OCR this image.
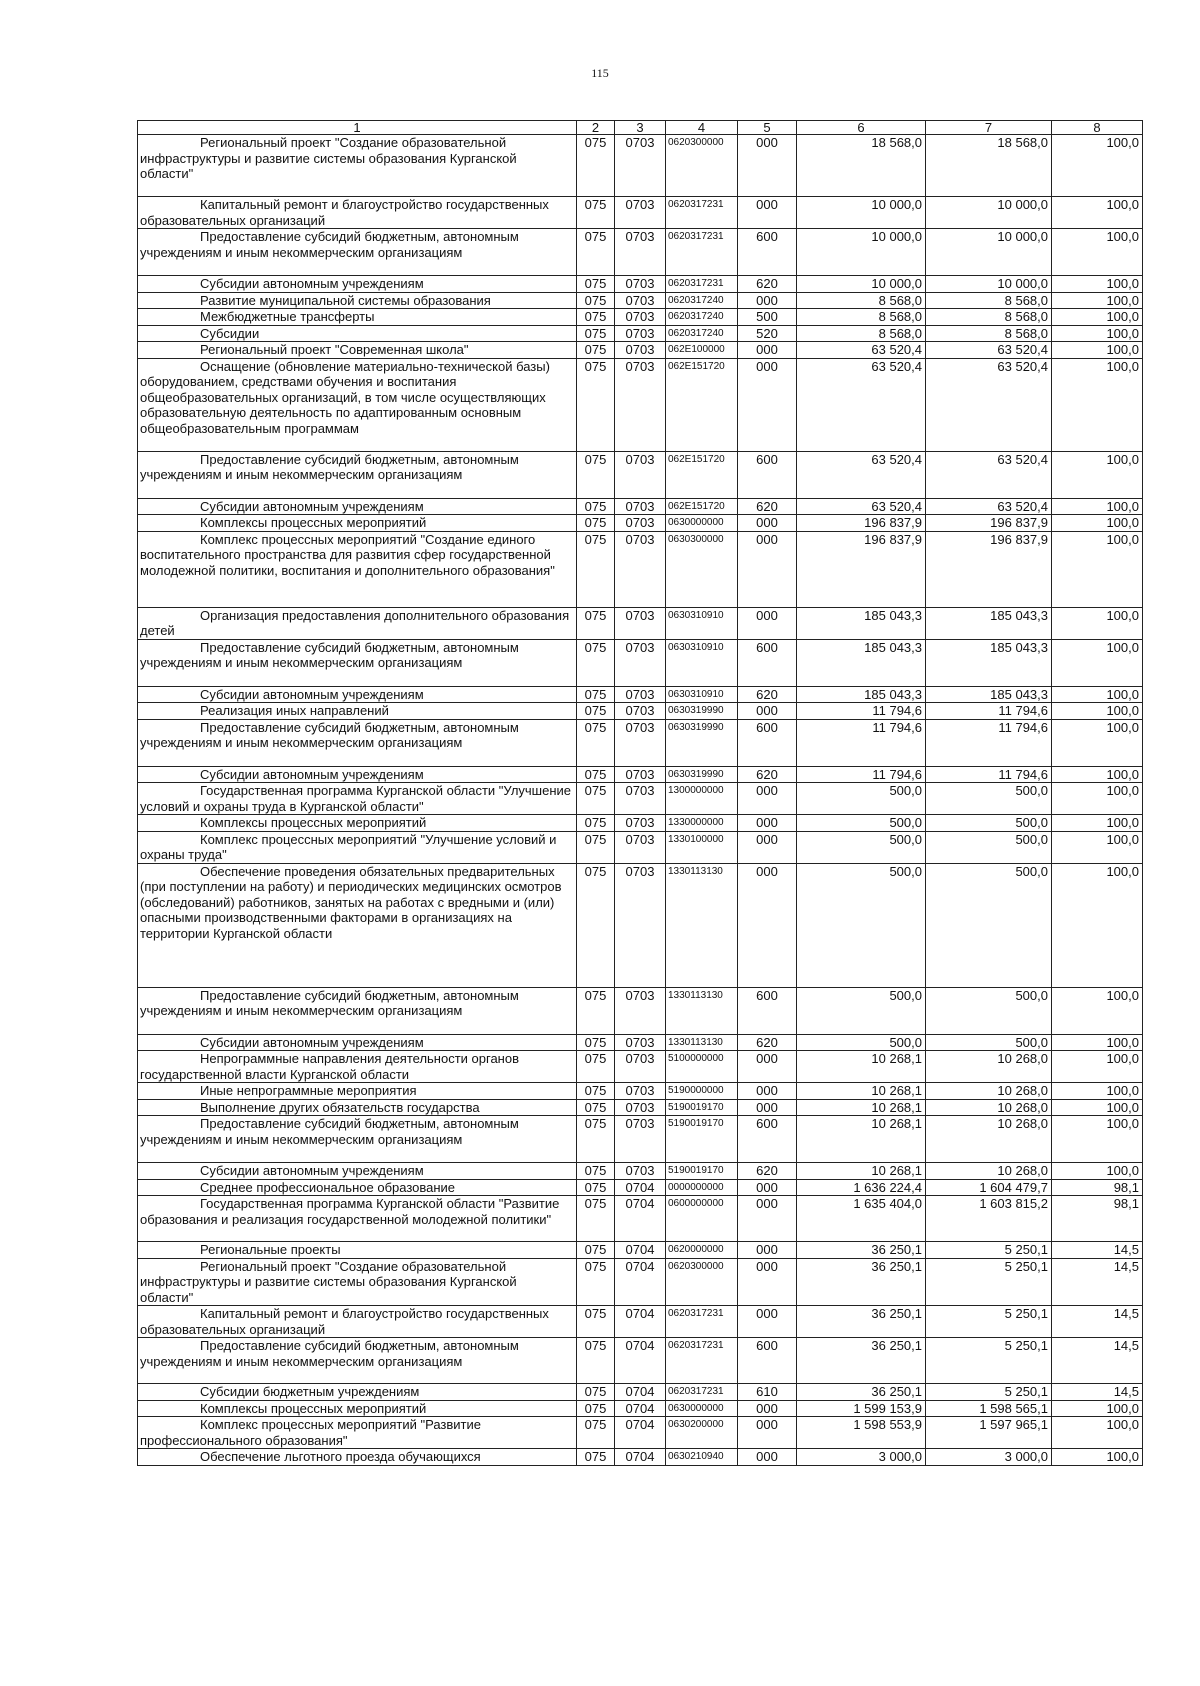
115
1	2	3	4	5	6	7	8
Региональный проект "Создание образовательной инфраструктуры и развитие системы образования Курганской области"	075	0703	0620300000	000	18 568,0	18 568,0	100,0
Капитальный ремонт и благоустройство государственных образовательных организаций	075	0703	0620317231	000	10 000,0	10 000,0	100,0
Предоставление субсидий бюджетным, автономным учреждениям и иным некоммерческим организациям	075	0703	0620317231	600	10 000,0	10 000,0	100,0
Субсидии автономным учреждениям	075	0703	0620317231	620	10 000,0	10 000,0	100,0
Развитие муниципальной системы образования	075	0703	0620317240	000	8 568,0	8 568,0	100,0
Межбюджетные трансферты	075	0703	0620317240	500	8 568,0	8 568,0	100,0
Субсидии	075	0703	0620317240	520	8 568,0	8 568,0	100,0
Региональный проект "Современная школа"	075	0703	062E100000	000	63 520,4	63 520,4	100,0
Оснащение (обновление материально-технической базы) оборудованием, средствами обучения и воспитания общеобразовательных организаций, в том числе осуществляющих образовательную деятельность по адаптированным основным общеобразовательным программам	075	0703	062E151720	000	63 520,4	63 520,4	100,0
Предоставление субсидий бюджетным, автономным учреждениям и иным некоммерческим организациям	075	0703	062E151720	600	63 520,4	63 520,4	100,0
Субсидии автономным учреждениям	075	0703	062E151720	620	63 520,4	63 520,4	100,0
Комплексы процессных мероприятий	075	0703	0630000000	000	196 837,9	196 837,9	100,0
Комплекс процессных мероприятий "Создание единого воспитательного пространства для развития сфер государственной молодежной политики, воспитания и дополнительного образования"	075	0703	0630300000	000	196 837,9	196 837,9	100,0
Организация предоставления дополнительного образования детей	075	0703	0630310910	000	185 043,3	185 043,3	100,0
Предоставление субсидий бюджетным, автономным учреждениям и иным некоммерческим организациям	075	0703	0630310910	600	185 043,3	185 043,3	100,0
Субсидии автономным учреждениям	075	0703	0630310910	620	185 043,3	185 043,3	100,0
Реализация иных направлений	075	0703	0630319990	000	11 794,6	11 794,6	100,0
Предоставление субсидий бюджетным, автономным учреждениям и иным некоммерческим организациям	075	0703	0630319990	600	11 794,6	11 794,6	100,0
Субсидии автономным учреждениям	075	0703	0630319990	620	11 794,6	11 794,6	100,0
Государственная программа Курганской области "Улучшение условий и охраны труда в Курганской области"	075	0703	1300000000	000	500,0	500,0	100,0
Комплексы процессных мероприятий	075	0703	1330000000	000	500,0	500,0	100,0
Комплекс процессных мероприятий "Улучшение условий и охраны труда"	075	0703	1330100000	000	500,0	500,0	100,0
Обеспечение проведения обязательных предварительных (при поступлении на работу) и периодических медицинских осмотров (обследований) работников, занятых на работах с вредными и (или) опасными производственными факторами в организациях на территории Курганской области	075	0703	1330113130	000	500,0	500,0	100,0
Предоставление субсидий бюджетным, автономным учреждениям и иным некоммерческим организациям	075	0703	1330113130	600	500,0	500,0	100,0
Субсидии автономным учреждениям	075	0703	1330113130	620	500,0	500,0	100,0
Непрограммные направления деятельности органов государственной власти Курганской области	075	0703	5100000000	000	10 268,1	10 268,0	100,0
Иные непрограммные мероприятия	075	0703	5190000000	000	10 268,1	10 268,0	100,0
Выполнение других обязательств государства	075	0703	5190019170	000	10 268,1	10 268,0	100,0
Предоставление субсидий бюджетным, автономным учреждениям и иным некоммерческим организациям	075	0703	5190019170	600	10 268,1	10 268,0	100,0
Субсидии автономным учреждениям	075	0703	5190019170	620	10 268,1	10 268,0	100,0
Среднее профессиональное образование	075	0704	0000000000	000	1 636 224,4	1 604 479,7	98,1
Государственная программа Курганской области "Развитие образования и реализация государственной молодежной политики"	075	0704	0600000000	000	1 635 404,0	1 603 815,2	98,1
Региональные проекты	075	0704	0620000000	000	36 250,1	5 250,1	14,5
Региональный проект "Создание образовательной инфраструктуры и развитие системы образования Курганской области"	075	0704	0620300000	000	36 250,1	5 250,1	14,5
Капитальный ремонт и благоустройство государственных образовательных организаций	075	0704	0620317231	000	36 250,1	5 250,1	14,5
Предоставление субсидий бюджетным, автономным учреждениям и иным некоммерческим организациям	075	0704	0620317231	600	36 250,1	5 250,1	14,5
Субсидии бюджетным учреждениям	075	0704	0620317231	610	36 250,1	5 250,1	14,5
Комплексы процессных мероприятий	075	0704	0630000000	000	1 599 153,9	1 598 565,1	100,0
Комплекс процессных мероприятий "Развитие профессионального образования"	075	0704	0630200000	000	1 598 553,9	1 597 965,1	100,0
Обеспечение льготного проезда обучающихся	075	0704	0630210940	000	3 000,0	3 000,0	100,0
